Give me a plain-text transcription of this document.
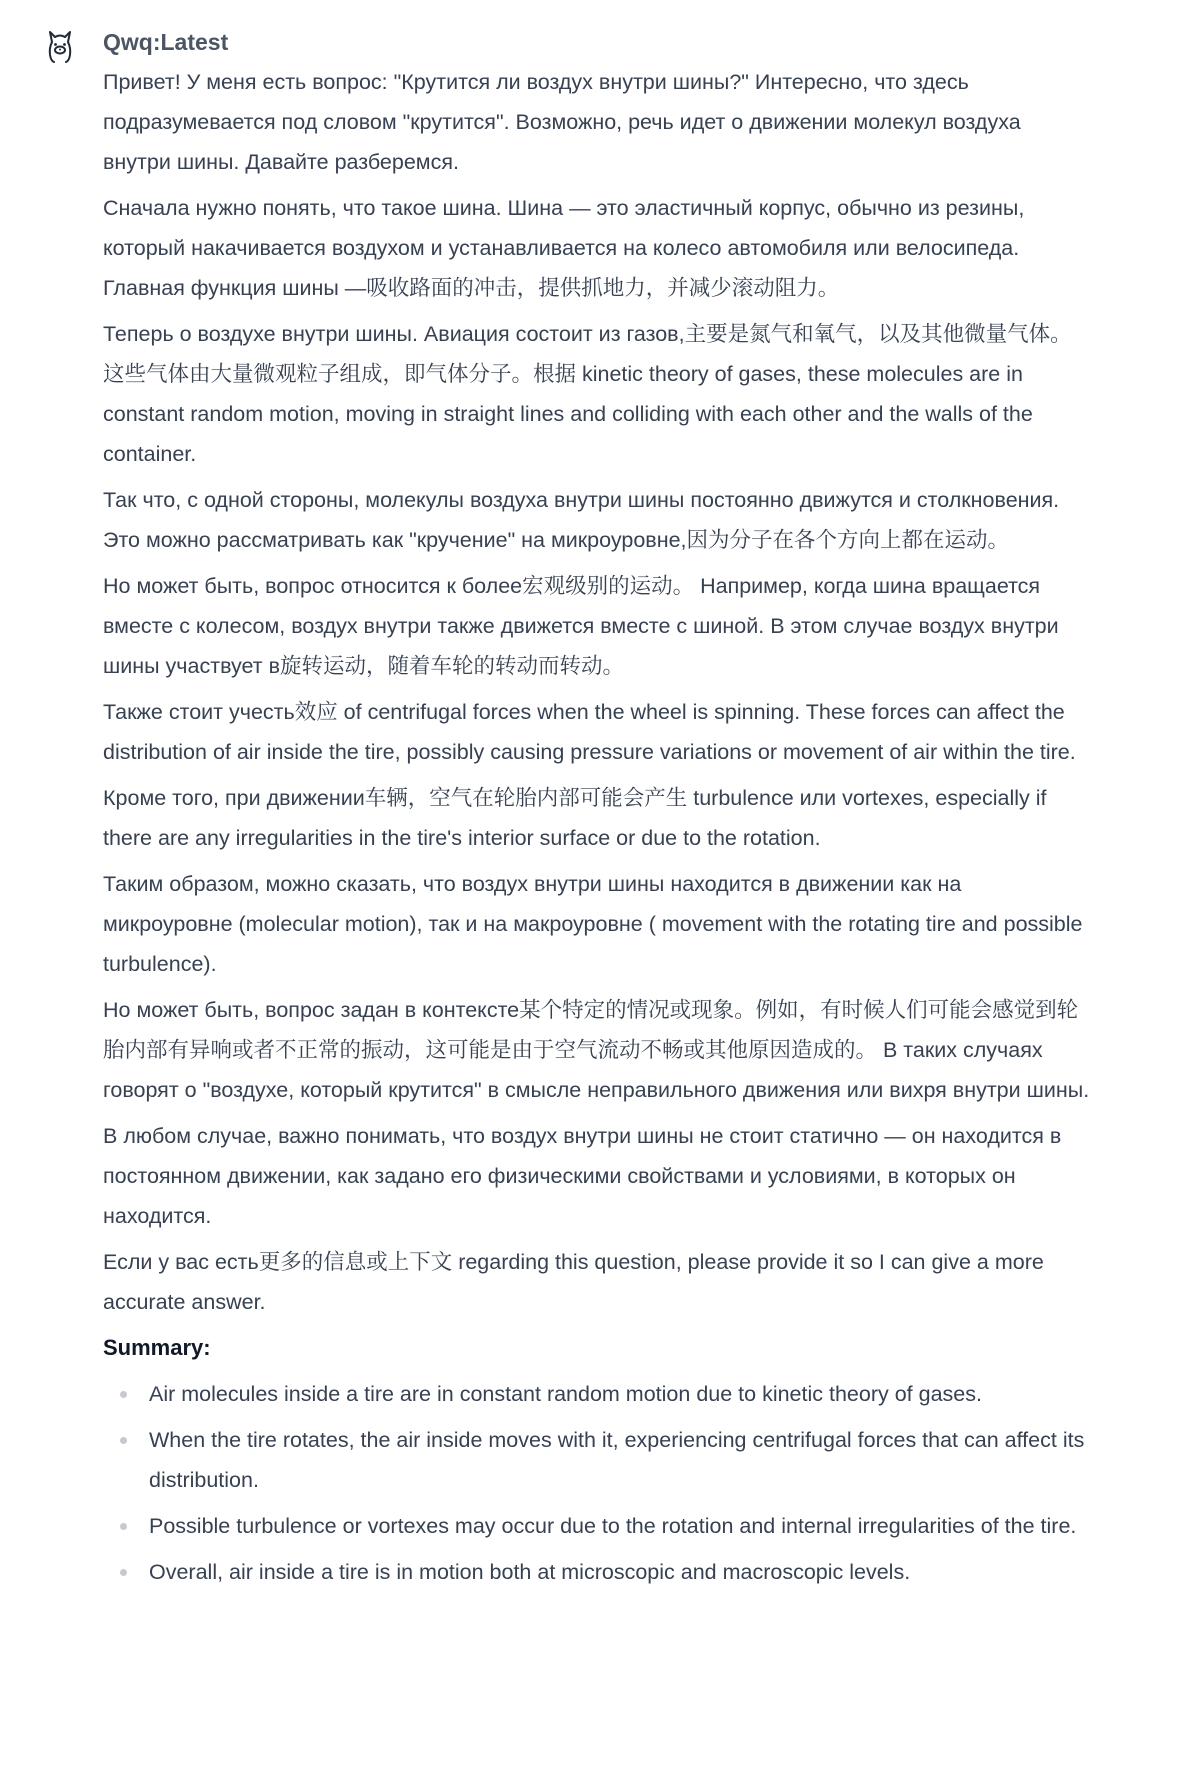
Qwq:Latest

Привет! У меня есть вопрос: "Крутится ли воздух внутри шины?" Интересно, что здесь подразумевается под словом "крутится". Возможно, речь идет о движении молекул воздуха внутри шины. Давайте разберемся.

Сначала нужно понять, что такое шина. Шина — это эластичный корпус, обычно из резины, который накачивается воздухом и устанавливается на колесо автомобиля или велосипеда. Главная функция шины —吸收路面的冲击，提供抓地力，并减少滚动阻力。

Теперь о воздухе внутри шины. Авиация состоит из газов,主要是氮气和氧气，以及其他微量气体。这些气体由大量微观粒子组成，即气体分子。根据 kinetic theory of gases, these molecules are in constant random motion, moving in straight lines and colliding with each other and the walls of the container.

Так что, с одной стороны, молекулы воздуха внутри шины постоянно движутся и столкновения. Это можно рассматривать как "кручение" на микроуровне,因为分子在各个方向上都在运动。

Но может быть, вопрос относится к более宏观级别的运动。 Например, когда шина вращается вместе с колесом, воздух внутри также движется вместе с шиной. В этом случае воздух внутри шины участвует в旋转运动，随着车轮的转动而转动。

Также стоит учесть效应 of centrifugal forces when the wheel is spinning. These forces can affect the distribution of air inside the tire, possibly causing pressure variations or movement of air within the tire.

Кроме того, при движении车辆，空气在轮胎内部可能会产生 turbulence или vortexes, especially if there are any irregularities in the tire's interior surface or due to the rotation.

Таким образом, можно сказать, что воздух внутри шины находится в движении как на микроуровне (molecular motion), так и на макроуровне ( movement with the rotating tire and possible turbulence).

Но может быть, вопрос задан в контексте某个特定的情况或现象。例如，有时候人们可能会感觉到轮胎内部有异响或者不正常的振动，这可能是由于空气流动不畅或其他原因造成的。 В таких случаях говорят о "воздухе, который крутится" в смысле неправильного движения или вихря внутри шины.

В любом случае, важно понимать, что воздух внутри шины не стоит статично — он находится в постоянном движении, как задано его физическими свойствами и условиями, в которых он находится.

Если у вас есть更多的信息或上下文 regarding this question, please provide it so I can give a more accurate answer.

Summary:
Air molecules inside a tire are in constant random motion due to kinetic theory of gases.
When the tire rotates, the air inside moves with it, experiencing centrifugal forces that can affect its distribution.
Possible turbulence or vortexes may occur due to the rotation and internal irregularities of the tire.
Overall, air inside a tire is in motion both at microscopic and macroscopic levels.
